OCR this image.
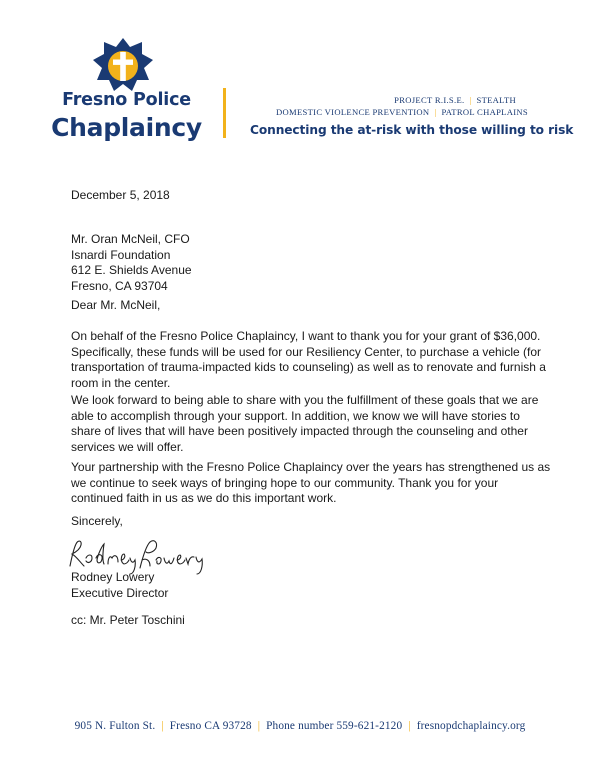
Fresno Police
Chaplaincy
PROJECT R.I.S.E. | STEALTH
DOMESTIC VIOLENCE PREVENTION | PATROL CHAPLAINS
Connecting the at-risk with those willing to risk
December 5, 2018
Mr. Oran McNeil, CFO
Isnardi Foundation
612 E. Shields Avenue
Fresno, CA 93704
Dear Mr. McNeil,
On behalf of the Fresno Police Chaplaincy, I want to thank you for your grant of $36,000. Specifically, these funds will be used for our Resiliency Center, to purchase a vehicle (for transportation of trauma-impacted kids to counseling) as well as to renovate and furnish a room in the center.
We look forward to being able to share with you the fulfillment of these goals that we are able to accomplish through your support. In addition, we know we will have stories to share of lives that will have been positively impacted through the counseling and other services we will offer.
Your partnership with the Fresno Police Chaplaincy over the years has strengthened us as we continue to seek ways of bringing hope to our community. Thank you for your continued faith in us as we do this important work.
Sincerely,
Rodney Lowery
Executive Director
cc: Mr. Peter Toschini
905 N. Fulton St. | Fresno CA 93728 | Phone number 559-621-2120 | fresnopdchaplaincy.org
